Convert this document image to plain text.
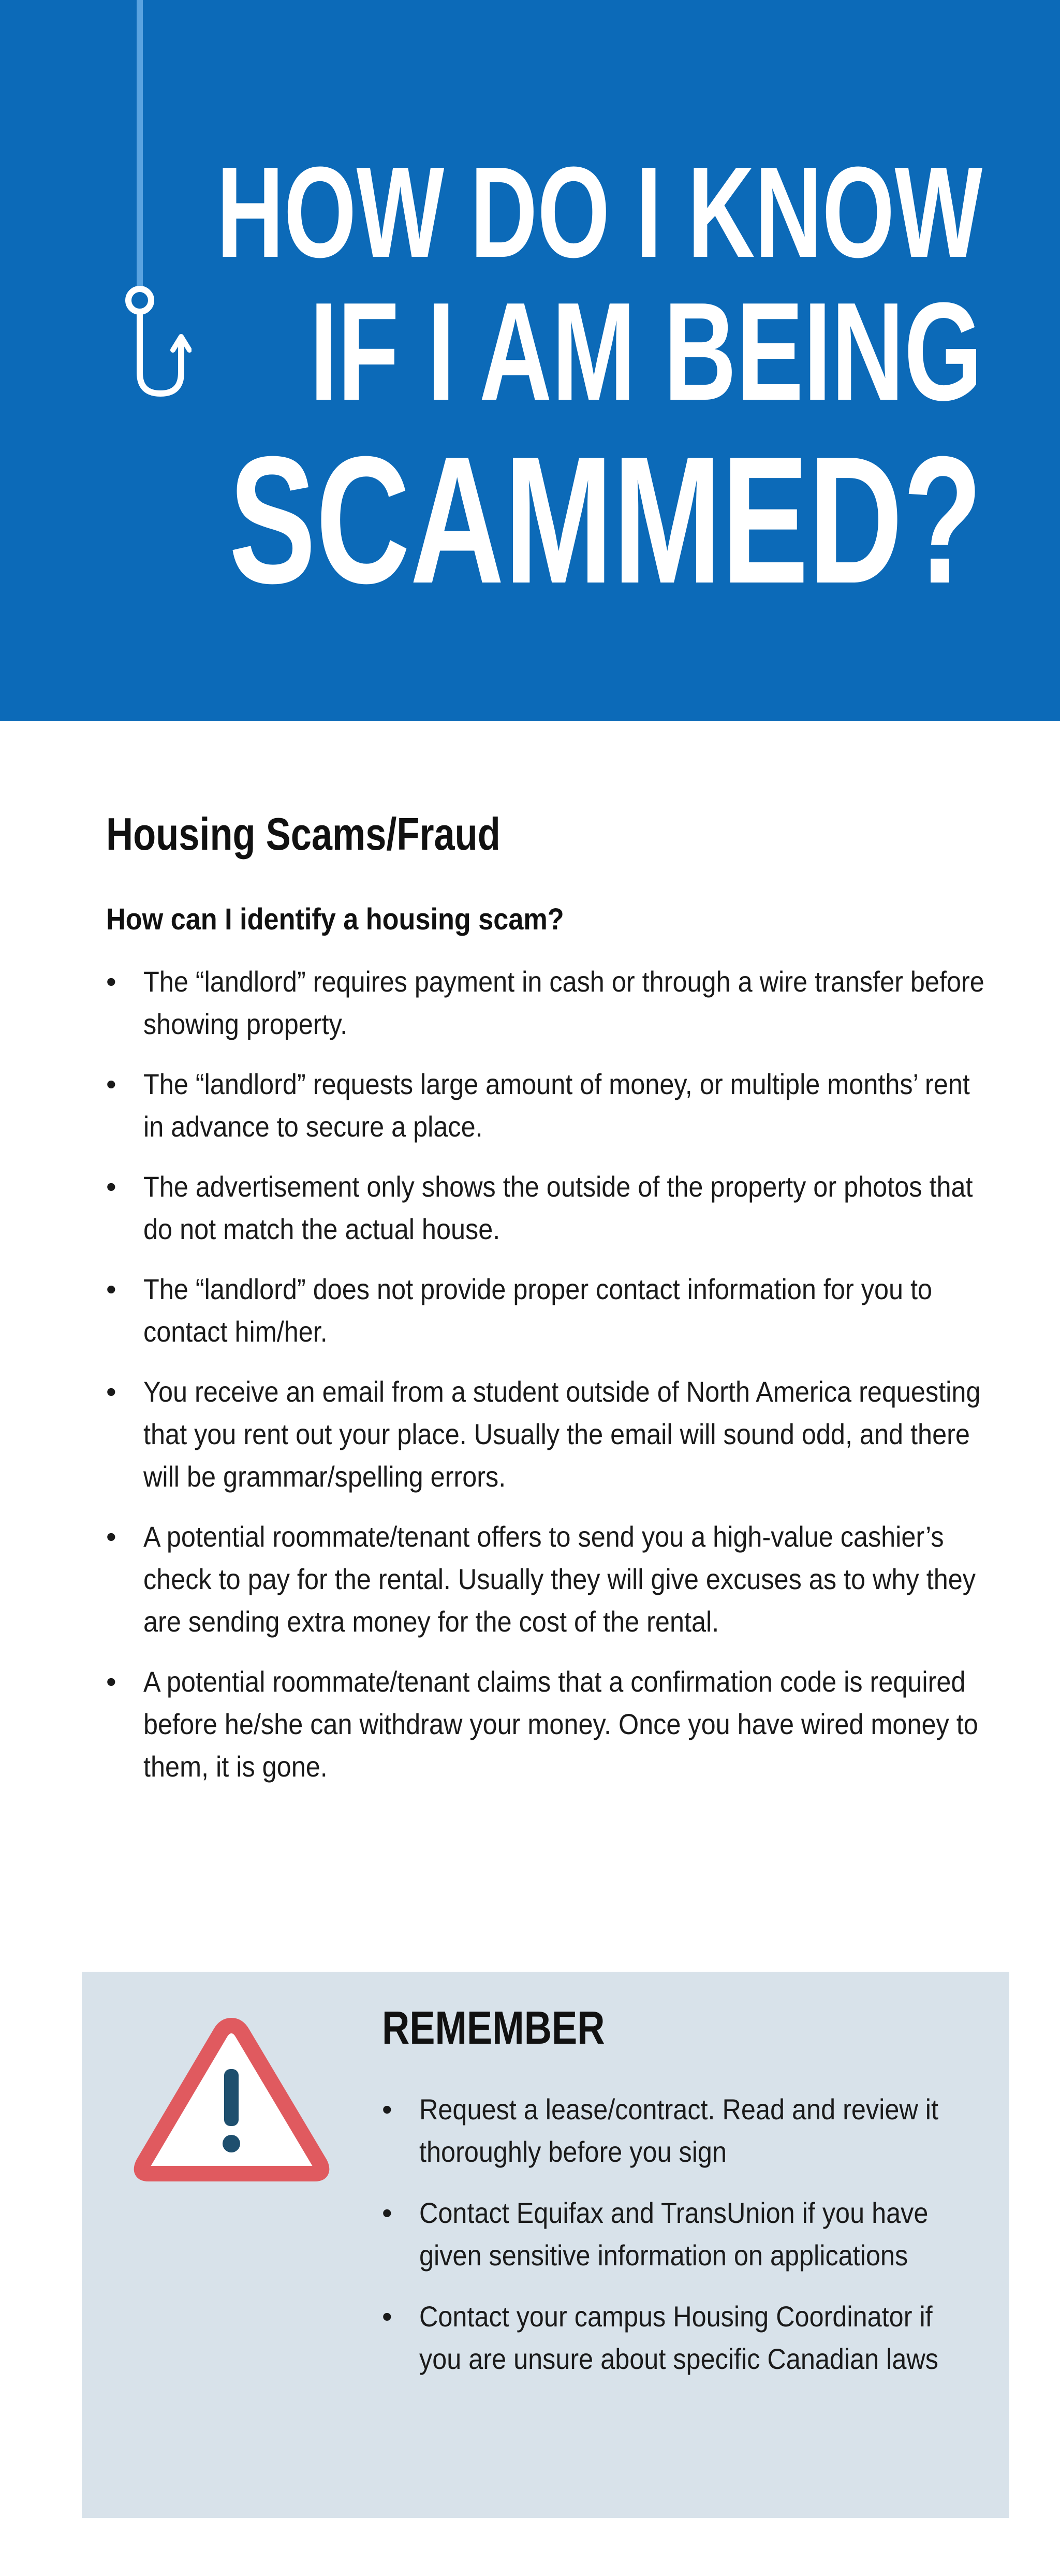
HOW DO I KNOW
IF I AM BEING
SCAMMED?
Housing Scams/Fraud
How can I identify a housing scam?
• The “landlord” requires payment in cash or through a wire transfer before showing property.
• The “landlord” requests large amount of money, or multiple months’ rent in advance to secure a place.
• The advertisement only shows the outside of the property or photos that do not match the actual house.
• The “landlord” does not provide proper contact information for you to contact him/her.
• You receive an email from a student outside of North America requesting that you rent out your place. Usually the email will sound odd, and there will be grammar/spelling errors.
• A potential roommate/tenant offers to send you a high-value cashier’s check to pay for the rental. Usually they will give excuses as to why they are sending extra money for the cost of the rental.
• A potential roommate/tenant claims that a confirmation code is required before he/she can withdraw your money. Once you have wired money to them, it is gone.
REMEMBER
• Request a lease/contract. Read and review it thoroughly before you sign
• Contact Equifax and TransUnion if you have given sensitive information on applications
• Contact your campus Housing Coordinator if you are unsure about specific Canadian laws
